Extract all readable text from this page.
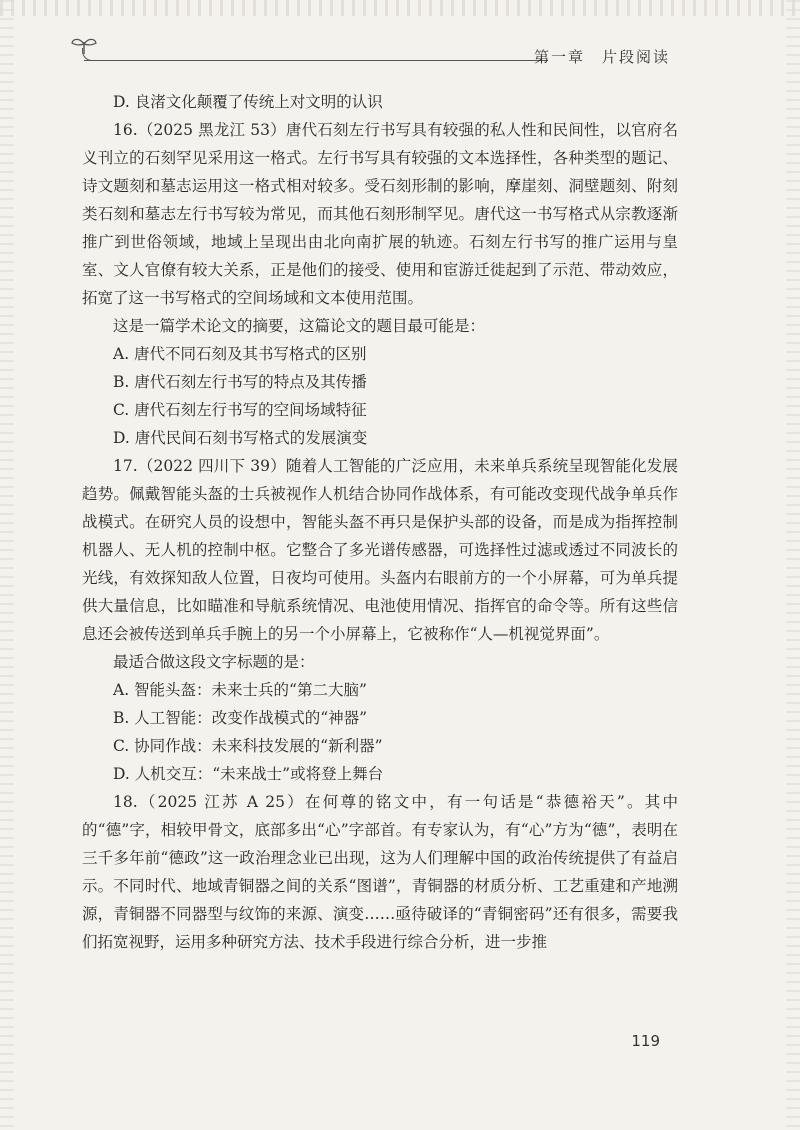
第一章　片段阅读

D. 良渚文化颠覆了传统上对文明的认识

16.（2025 黑龙江 53）唐代石刻左行书写具有较强的私人性和民间性，以官府名义刊立的石刻罕见采用这一格式。左行书写具有较强的文本选择性，各种类型的题记、诗文题刻和墓志运用这一格式相对较多。受石刻形制的影响，摩崖刻、洞壁题刻、附刻类石刻和墓志左行书写较为常见，而其他石刻形制罕见。唐代这一书写格式从宗教逐渐推广到世俗领域，地域上呈现出由北向南扩展的轨迹。石刻左行书写的推广运用与皇室、文人官僚有较大关系，正是他们的接受、使用和宦游迁徙起到了示范、带动效应，拓宽了这一书写格式的空间场域和文本使用范围。

这是一篇学术论文的摘要，这篇论文的题目最可能是：

A. 唐代不同石刻及其书写格式的区别

B. 唐代石刻左行书写的特点及其传播

C. 唐代石刻左行书写的空间场域特征

D. 唐代民间石刻书写格式的发展演变

17.（2022 四川下 39）随着人工智能的广泛应用，未来单兵系统呈现智能化发展趋势。佩戴智能头盔的士兵被视作人机结合协同作战体系，有可能改变现代战争单兵作战模式。在研究人员的设想中，智能头盔不再只是保护头部的设备，而是成为指挥控制机器人、无人机的控制中枢。它整合了多光谱传感器，可选择性过滤或透过不同波长的光线，有效探知敌人位置，日夜均可使用。头盔内右眼前方的一个小屏幕，可为单兵提供大量信息，比如瞄准和导航系统情况、电池使用情况、指挥官的命令等。所有这些信息还会被传送到单兵手腕上的另一个小屏幕上，它被称作“人—机视觉界面”。

最适合做这段文字标题的是：

A. 智能头盔：未来士兵的“第二大脑”

B. 人工智能：改变作战模式的“神器”

C. 协同作战：未来科技发展的“新利器”

D. 人机交互：“未来战士”或将登上舞台

18.（2025 江苏 A 25）在何尊的铭文中，有一句话是“恭德裕天”。其中的“德”字，相较甲骨文，底部多出“心”字部首。有专家认为，有“心”方为“德”，表明在三千多年前“德政”这一政治理念业已出现，这为人们理解中国的政治传统提供了有益启示。不同时代、地域青铜器之间的关系“图谱”，青铜器的材质分析、工艺重建和产地溯源，青铜器不同器型与纹饰的来源、演变……亟待破译的“青铜密码”还有很多，需要我们拓宽视野，运用多种研究方法、技术手段进行综合分析，进一步推

119
